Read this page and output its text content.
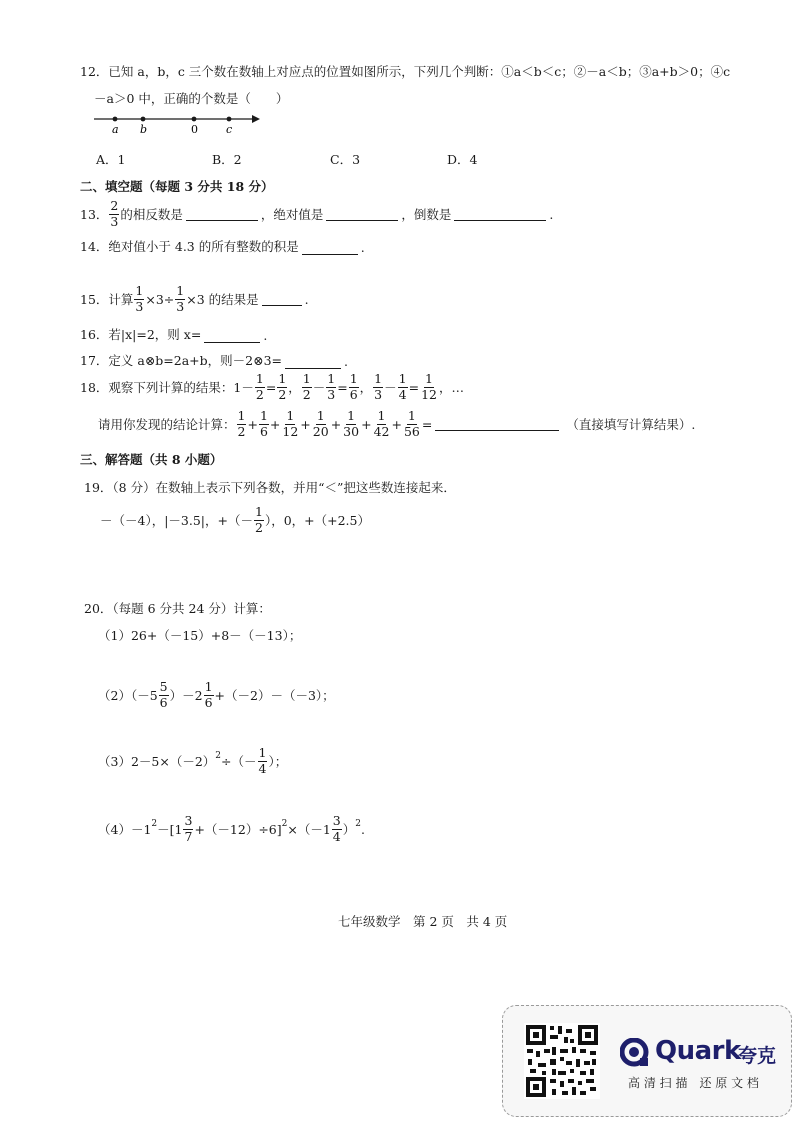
12．已知 a，b，c 三个数在数轴上对应点的位置如图所示，下列几个判断：①a＜b＜c；②－a＜b；③a+b＞0；④c
－a＞0 中，正确的个数是（　　）
a b	0	c
A．1	B．2	C．3	D．4
二、填空题（每题 3 分共 18 分）
13． $\frac{2}{3}$ 的相反数是	，绝对值是	，倒数是	.
14．绝对值小于 4.3 的所有整数的积是	.
15．计算 $\frac{1}{3} \times 3\div \frac{1}{3} \times 3$ 的结果是	.
16．若|x|=2，则 x=	.
17．定义 a⊗b=2a+b，则－2⊗3=	.
18．观察下列计算的结果： $1 - \frac{1}{2} = \frac{1}{2}$ ， $\frac{1}{2} - \frac{1}{3} = \frac{1}{6}$ ， $\frac{1}{3} - \frac{1}{4} = \frac{1}{12}$ ， …
请用你发现的结论计算： $\frac{1}{2} + \frac{1}{6} + \frac{1}{12} + \frac{1}{20} + \frac{1}{30} + \frac{1}{42} + \frac{1}{56}$ =	（直接填写计算结果）.
三、解答题（共 8 小题）
19．（8 分）在数轴上表示下列各数，并用“＜”把这些数连接起来．
－（－4），|－3.5|，+（－ $\frac{1}{2}$ ），0，+（+2.5）
20．（每题 6 分共 24 分）计算：
（1）26+（－15）+8－（－13）；
$(2)(-5 \frac{5}{6} )-2 \frac{1}{6} +(-2)-(-3)$；
$(3)2-5\times(-2)^2$ ÷（－ $\frac{1}{4}$ ）；
$(4)-1^2 -[1 \frac{3}{7} +(-12)\div 6]^2 \times(-1 \frac{3}{4} )^2$ .
七年级数学　第 2 页　共 4 页
Quark
夸克
高 清 扫 描　还 原 文 档
